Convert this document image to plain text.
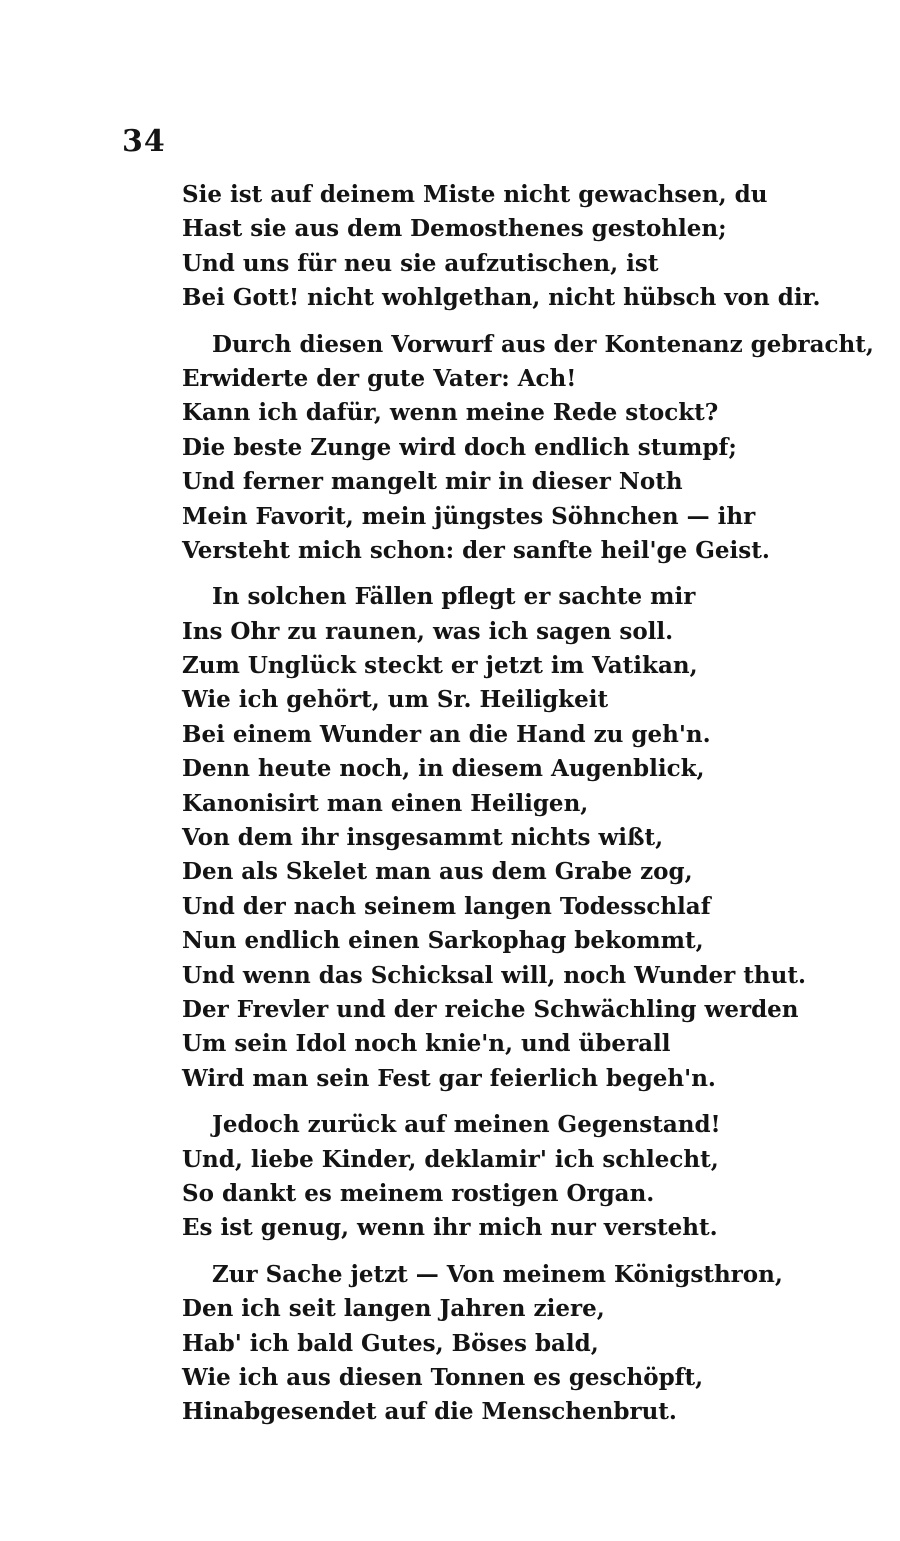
34
Sie ist auf deinem Miste nicht gewachsen, du
Hast sie aus dem Demosthenes gestohlen;
Und uns für neu sie aufzutischen, ist
Bei Gott! nicht wohlgethan, nicht hübsch von dir.
Durch diesen Vorwurf aus der Kontenanz gebracht,
Erwiderte der gute Vater: Ach!
Kann ich dafür, wenn meine Rede stockt?
Die beste Zunge wird doch endlich stumpf;
Und ferner mangelt mir in dieser Noth
Mein Favorit, mein jüngstes Söhnchen — ihr
Versteht mich schon: der sanfte heil'ge Geist.
In solchen Fällen pflegt er sachte mir
Ins Ohr zu raunen, was ich sagen soll.
Zum Unglück steckt er jetzt im Vatikan,
Wie ich gehört, um Sr. Heiligkeit
Bei einem Wunder an die Hand zu geh'n.
Denn heute noch, in diesem Augenblick,
Kanonisirt man einen Heiligen,
Von dem ihr insgesammt nichts wißt,
Den als Skelet man aus dem Grabe zog,
Und der nach seinem langen Todesschlaf
Nun endlich einen Sarkophag bekommt,
Und wenn das Schicksal will, noch Wunder thut.
Der Frevler und der reiche Schwächling werden
Um sein Idol noch knie'n, und überall
Wird man sein Fest gar feierlich begeh'n.
Jedoch zurück auf meinen Gegenstand!
Und, liebe Kinder, deklamir' ich schlecht,
So dankt es meinem rostigen Organ.
Es ist genug, wenn ihr mich nur versteht.
Zur Sache jetzt — Von meinem Königsthron,
Den ich seit langen Jahren ziere,
Hab' ich bald Gutes, Böses bald,
Wie ich aus diesen Tonnen es geschöpft,
Hinabgesendet auf die Menschenbrut.
